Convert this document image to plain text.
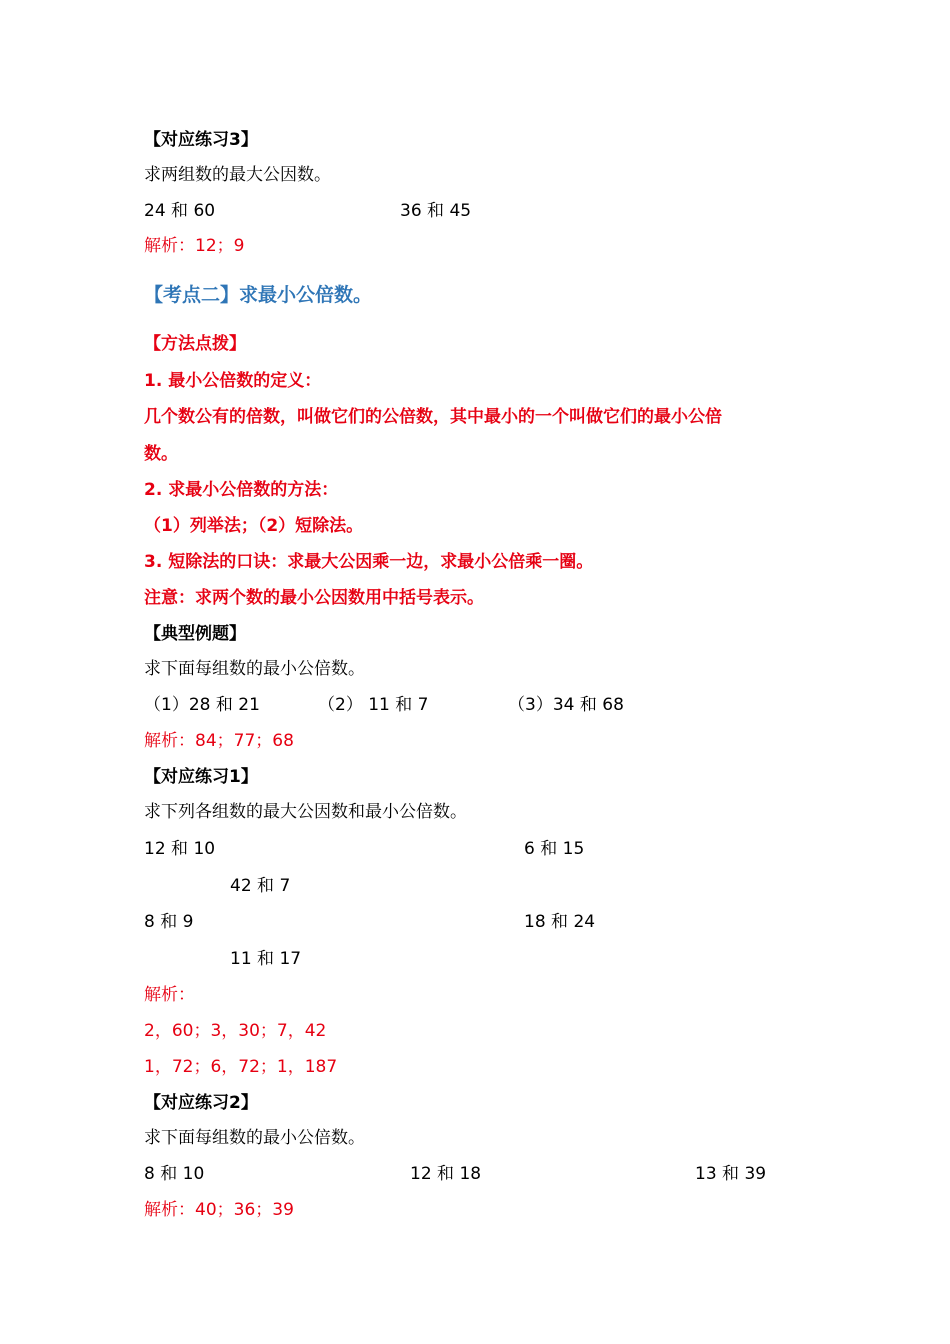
【对应练习3】
求两组数的最大公因数。
24 和 60	36 和 45
解析：12；9
【考点二】求最小公倍数。
【方法点拨】
1. 最小公倍数的定义：
几个数公有的倍数，叫做它们的公倍数，其中最小的一个叫做它们的最小公倍
数。
2. 求最小公倍数的方法：
（1）列举法；（2）短除法。
3. 短除法的口诀：求最大公因乘一边，求最小公倍乘一圈。
注意：求两个数的最小公因数用中括号表示。
【典型例题】
求下面每组数的最小公倍数。
（1）28 和 21	（2） 11 和 7	（3）34 和 68
解析：84；77；68
【对应练习1】
求下列各组数的最大公因数和最小公倍数。
12 和 10	6 和 15
42 和 7
8 和 9	18 和 24
11 和 17
解析：
2，60；3，30；7，42
1，72；6，72；1，187
【对应练习2】
求下面每组数的最小公倍数。
8 和 10	12 和 18	13 和 39
解析：40；36；39
